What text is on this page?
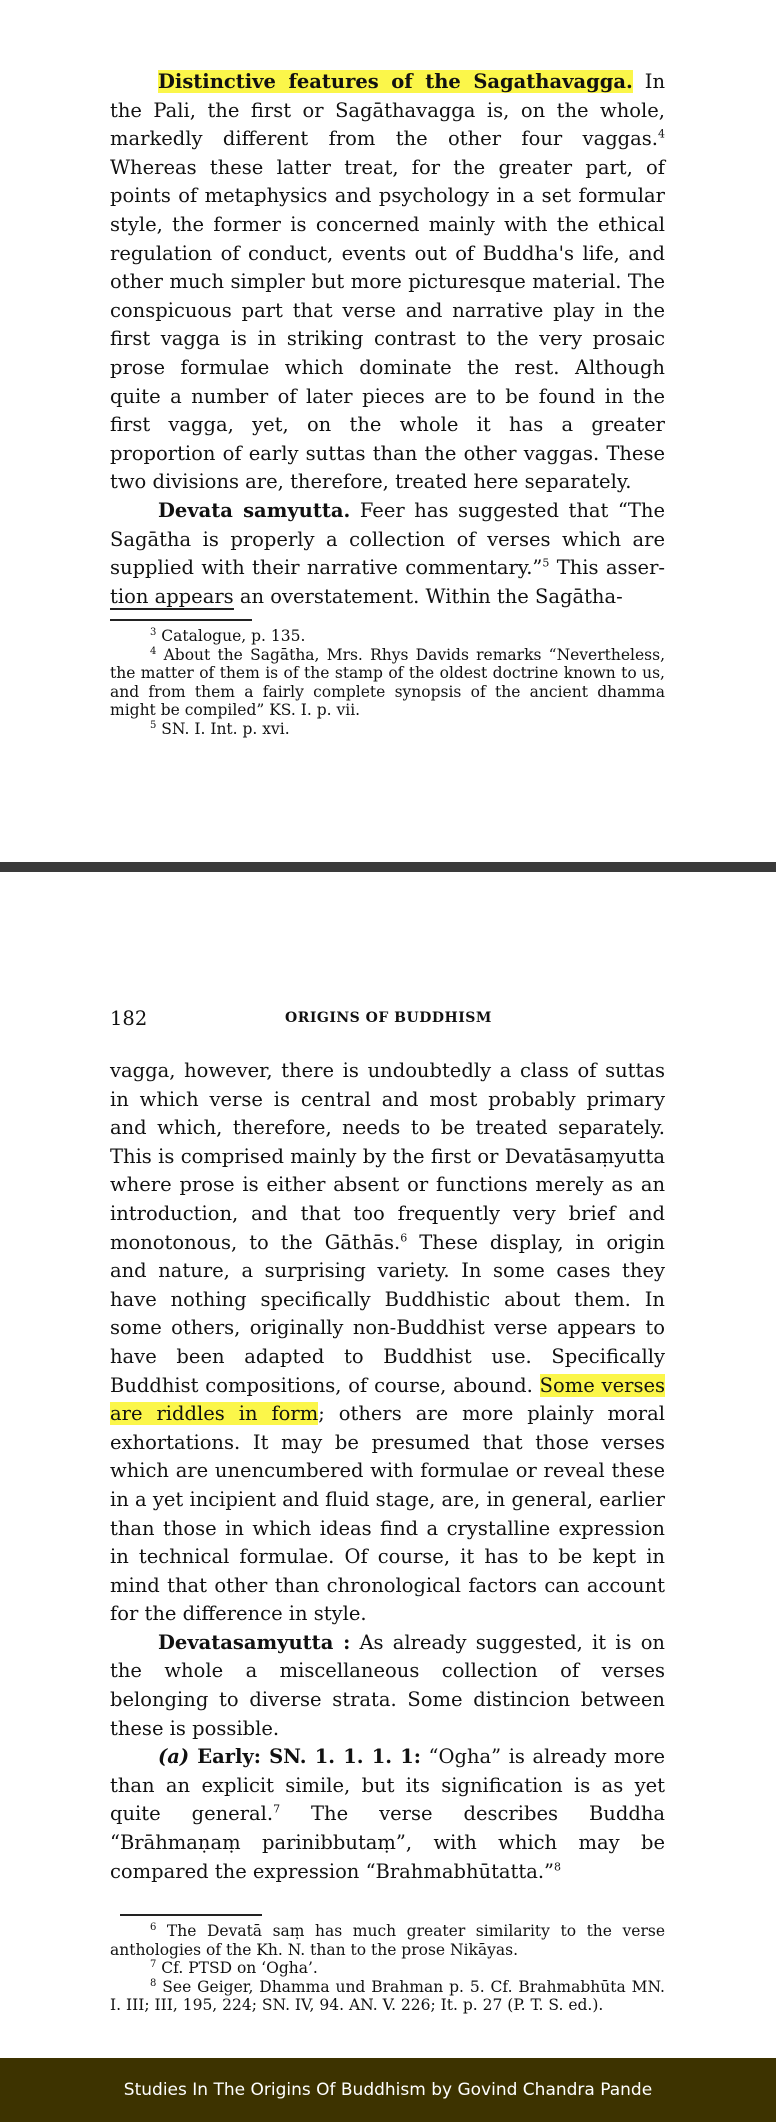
Distinctive features of the Sagathavagga. In the Pali, the first or Sagāthavagga is, on the whole, markedly different from the other four vaggas.$^4$ Whereas these latter treat, for the greater part, of points of metaphysics and psychology in a set formular style, the former is concerned mainly with the ethical regulation of conduct, events out of Buddha's life, and other much simpler but more picturesque material. The conspicuous part that verse and narrative play in the first vagga is in striking contrast to the very prosaic prose formulae which dominate the rest. Although quite a number of later pieces are to be found in the first vagga, yet, on the whole it has a greater proportion of early suttas than the other vaggas. These two divisions are, therefore, treated here separately.

Devata samyutta. Feer has suggested that “The Sagātha is properly a collection of verses which are supplied with their narrative commentary.”$^5$ This assertion appears an overstatement. Within the Sagātha-

$^3$ Catalogue, p. 135.

$^4$ About the Sagātha, Mrs. Rhys Davids remarks “Nevertheless, the matter of them is of the stamp of the oldest doctrine known to us, and from them a fairly complete synopsis of the ancient dhamma might be compiled” KS. I. p. vii.

$^5$ SN. I. Int. p. xvi.

182	ORIGINS OF BUDDHISM

vagga, however, there is undoubtedly a class of suttas in which verse is central and most probably primary and which, therefore, needs to be treated separately. This is comprised mainly by the first or Devatāsaṃyutta where prose is either absent or functions merely as an introduction, and that too frequently very brief and monotonous, to the Gāthās.$^6$ These display, in origin and nature, a surprising variety. In some cases they have nothing specifically Buddhistic about them. In some others, originally non-Buddhist verse appears to have been adapted to Buddhist use. Specifically Buddhist compositions, of course, abound. Some verses are riddles in form; others are more plainly moral exhortations. It may be presumed that those verses which are unencumbered with formulae or reveal these in a yet incipient and fluid stage, are, in general, earlier than those in which ideas find a crystalline expression in technical formulae. Of course, it has to be kept in mind that other than chronological factors can account for the difference in style.

Devatasamyutta : As already suggested, it is on the whole a miscellaneous collection of verses belonging to diverse strata. Some distincion between these is possible.

(a) Early: SN. 1. 1. 1. 1: “Ogha” is already more than an explicit simile, but its signification is as yet quite general.$^7$ The verse describes Buddha “Brāhmaṇaṃ parinibbutaṃ”, with which may be compared the expression “Brahmabhūtatta.”$^8$

$^6$ The Devatā saṃ has much greater similarity to the verse anthologies of the Kh. N. than to the prose Nikāyas.

$^7$ Cf. PTSD on ‘Ogha’.

$^8$ See Geiger, Dhamma und Brahman p. 5. Cf. Brahmabhūta MN. I. III; III, 195, 224; SN. IV, 94. AN. V. 226; It. p. 27 (P. T. S. ed.).

Studies In The Origins Of Buddhism by Govind Chandra Pande
